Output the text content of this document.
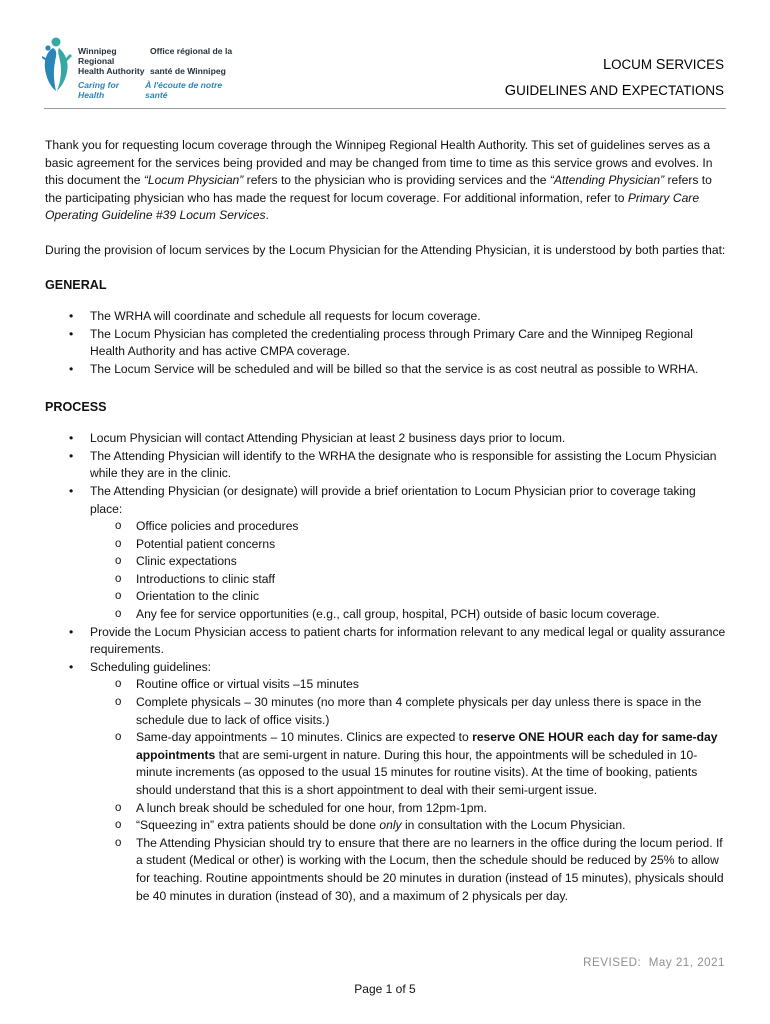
Winnipeg Regional
Office régional de la
Health Authority santé de Winnipeg
Caring for Health
À l'écoute de notre santé
LOCUM SERVICES
GUIDELINES AND EXPECTATIONS

Thank you for requesting locum coverage through the Winnipeg Regional Health Authority. This set of guidelines serves as a basic agreement for the services being provided and may be changed from time to time as this service grows and evolves. In this document the “Locum Physician” refers to the physician who is providing services and the “Attending Physician” refers to the participating physician who has made the request for locum coverage. For additional information, refer to Primary Care Operating Guideline #39 Locum Services.

During the provision of locum services by the Locum Physician for the Attending Physician, it is understood by both parties that:

GENERAL
• The WRHA will coordinate and schedule all requests for locum coverage.
• The Locum Physician has completed the credentialing process through Primary Care and the Winnipeg Regional Health Authority and has active CMPA coverage.
• The Locum Service will be scheduled and will be billed so that the service is as cost neutral as possible to WRHA.
PROCESS
• Locum Physician will contact Attending Physician at least 2 business days prior to locum.
• The Attending Physician will identify to the WRHA the designate who is responsible for assisting the Locum Physician while they are in the clinic.
• The Attending Physician (or designate) will provide a brief orientation to Locum Physician prior to coverage taking place:
o Office policies and procedures
o Potential patient concerns
o Clinic expectations
o Introductions to clinic staff
o Orientation to the clinic
o Any fee for service opportunities (e.g., call group, hospital, PCH) outside of basic locum coverage.
• Provide the Locum Physician access to patient charts for information relevant to any medical legal or quality assurance requirements.
• Scheduling guidelines:
o Routine office or virtual visits –15 minutes
o Complete physicals – 30 minutes (no more than 4 complete physicals per day unless there is space in the schedule due to lack of office visits.)
o Same-day appointments – 10 minutes. Clinics are expected to reserve ONE HOUR each day for same-day appointments that are semi-urgent in nature. During this hour, the appointments will be scheduled in 10-minute increments (as opposed to the usual 15 minutes for routine visits). At the time of booking, patients should understand that this is a short appointment to deal with their semi-urgent issue.
o A lunch break should be scheduled for one hour, from 12pm-1pm.
o “Squeezing in” extra patients should be done only in consultation with the Locum Physician.
o The Attending Physician should try to ensure that there are no learners in the office during the locum period. If a student (Medical or other) is working with the Locum, then the schedule should be reduced by 25% to allow for teaching. Routine appointments should be 20 minutes in duration (instead of 15 minutes), physicals should be 40 minutes in duration (instead of 30), and a maximum of 2 physicals per day.
REVISED: May 21, 2021
Page 1 of 5
